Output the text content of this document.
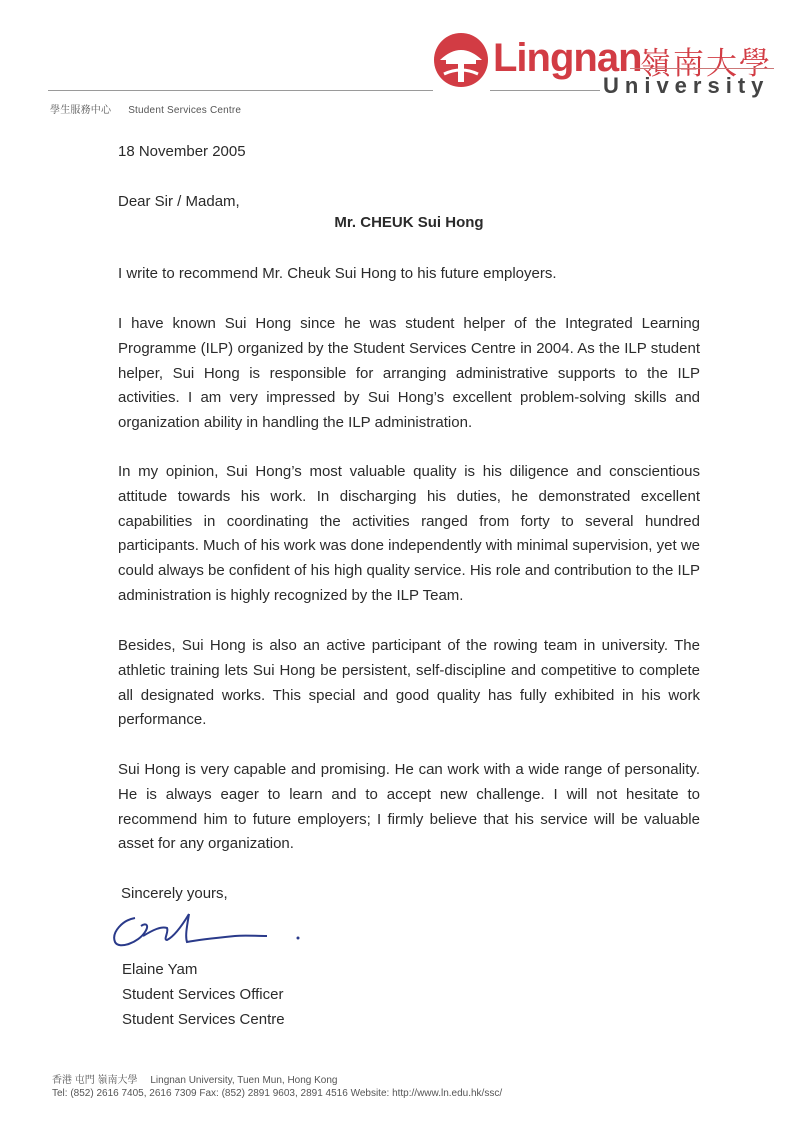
Lingnan
嶺南大學
University
學生服務中心 Student Services Centre
18 November 2005
Dear Sir / Madam,
Mr. CHEUK Sui Hong
I write to recommend Mr. Cheuk Sui Hong to his future employers.
I have known Sui Hong since he was student helper of the Integrated Learning Programme (ILP) organized by the Student Services Centre in 2004. As the ILP student helper, Sui Hong is responsible for arranging administrative supports to the ILP activities. I am very impressed by Sui Hong’s excellent problem-solving skills and organization ability in handling the ILP administration.
In my opinion, Sui Hong’s most valuable quality is his diligence and conscientious attitude towards his work. In discharging his duties, he demonstrated excellent capabilities in coordinating the activities ranged from forty to several hundred participants. Much of his work was done independently with minimal supervision, yet we could always be confident of his high quality service. His role and contribution to the ILP administration is highly recognized by the ILP Team.
Besides, Sui Hong is also an active participant of the rowing team in university. The athletic training lets Sui Hong be persistent, self-discipline and competitive to complete all designated works. This special and good quality has fully exhibited in his work performance.
Sui Hong is very capable and promising. He can work with a wide range of personality. He is always eager to learn and to accept new challenge. I will not hesitate to recommend him to future employers; I firmly believe that his service will be valuable asset for any organization.
Sincerely yours,
Elaine Yam
Student Services Officer
Student Services Centre
香港 屯門 嶺南大學 Lingnan University, Tuen Mun, Hong Kong
Tel: (852) 2616 7405, 2616 7309 Fax: (852) 2891 9603, 2891 4516 Website: http://www.ln.edu.hk/ssc/
